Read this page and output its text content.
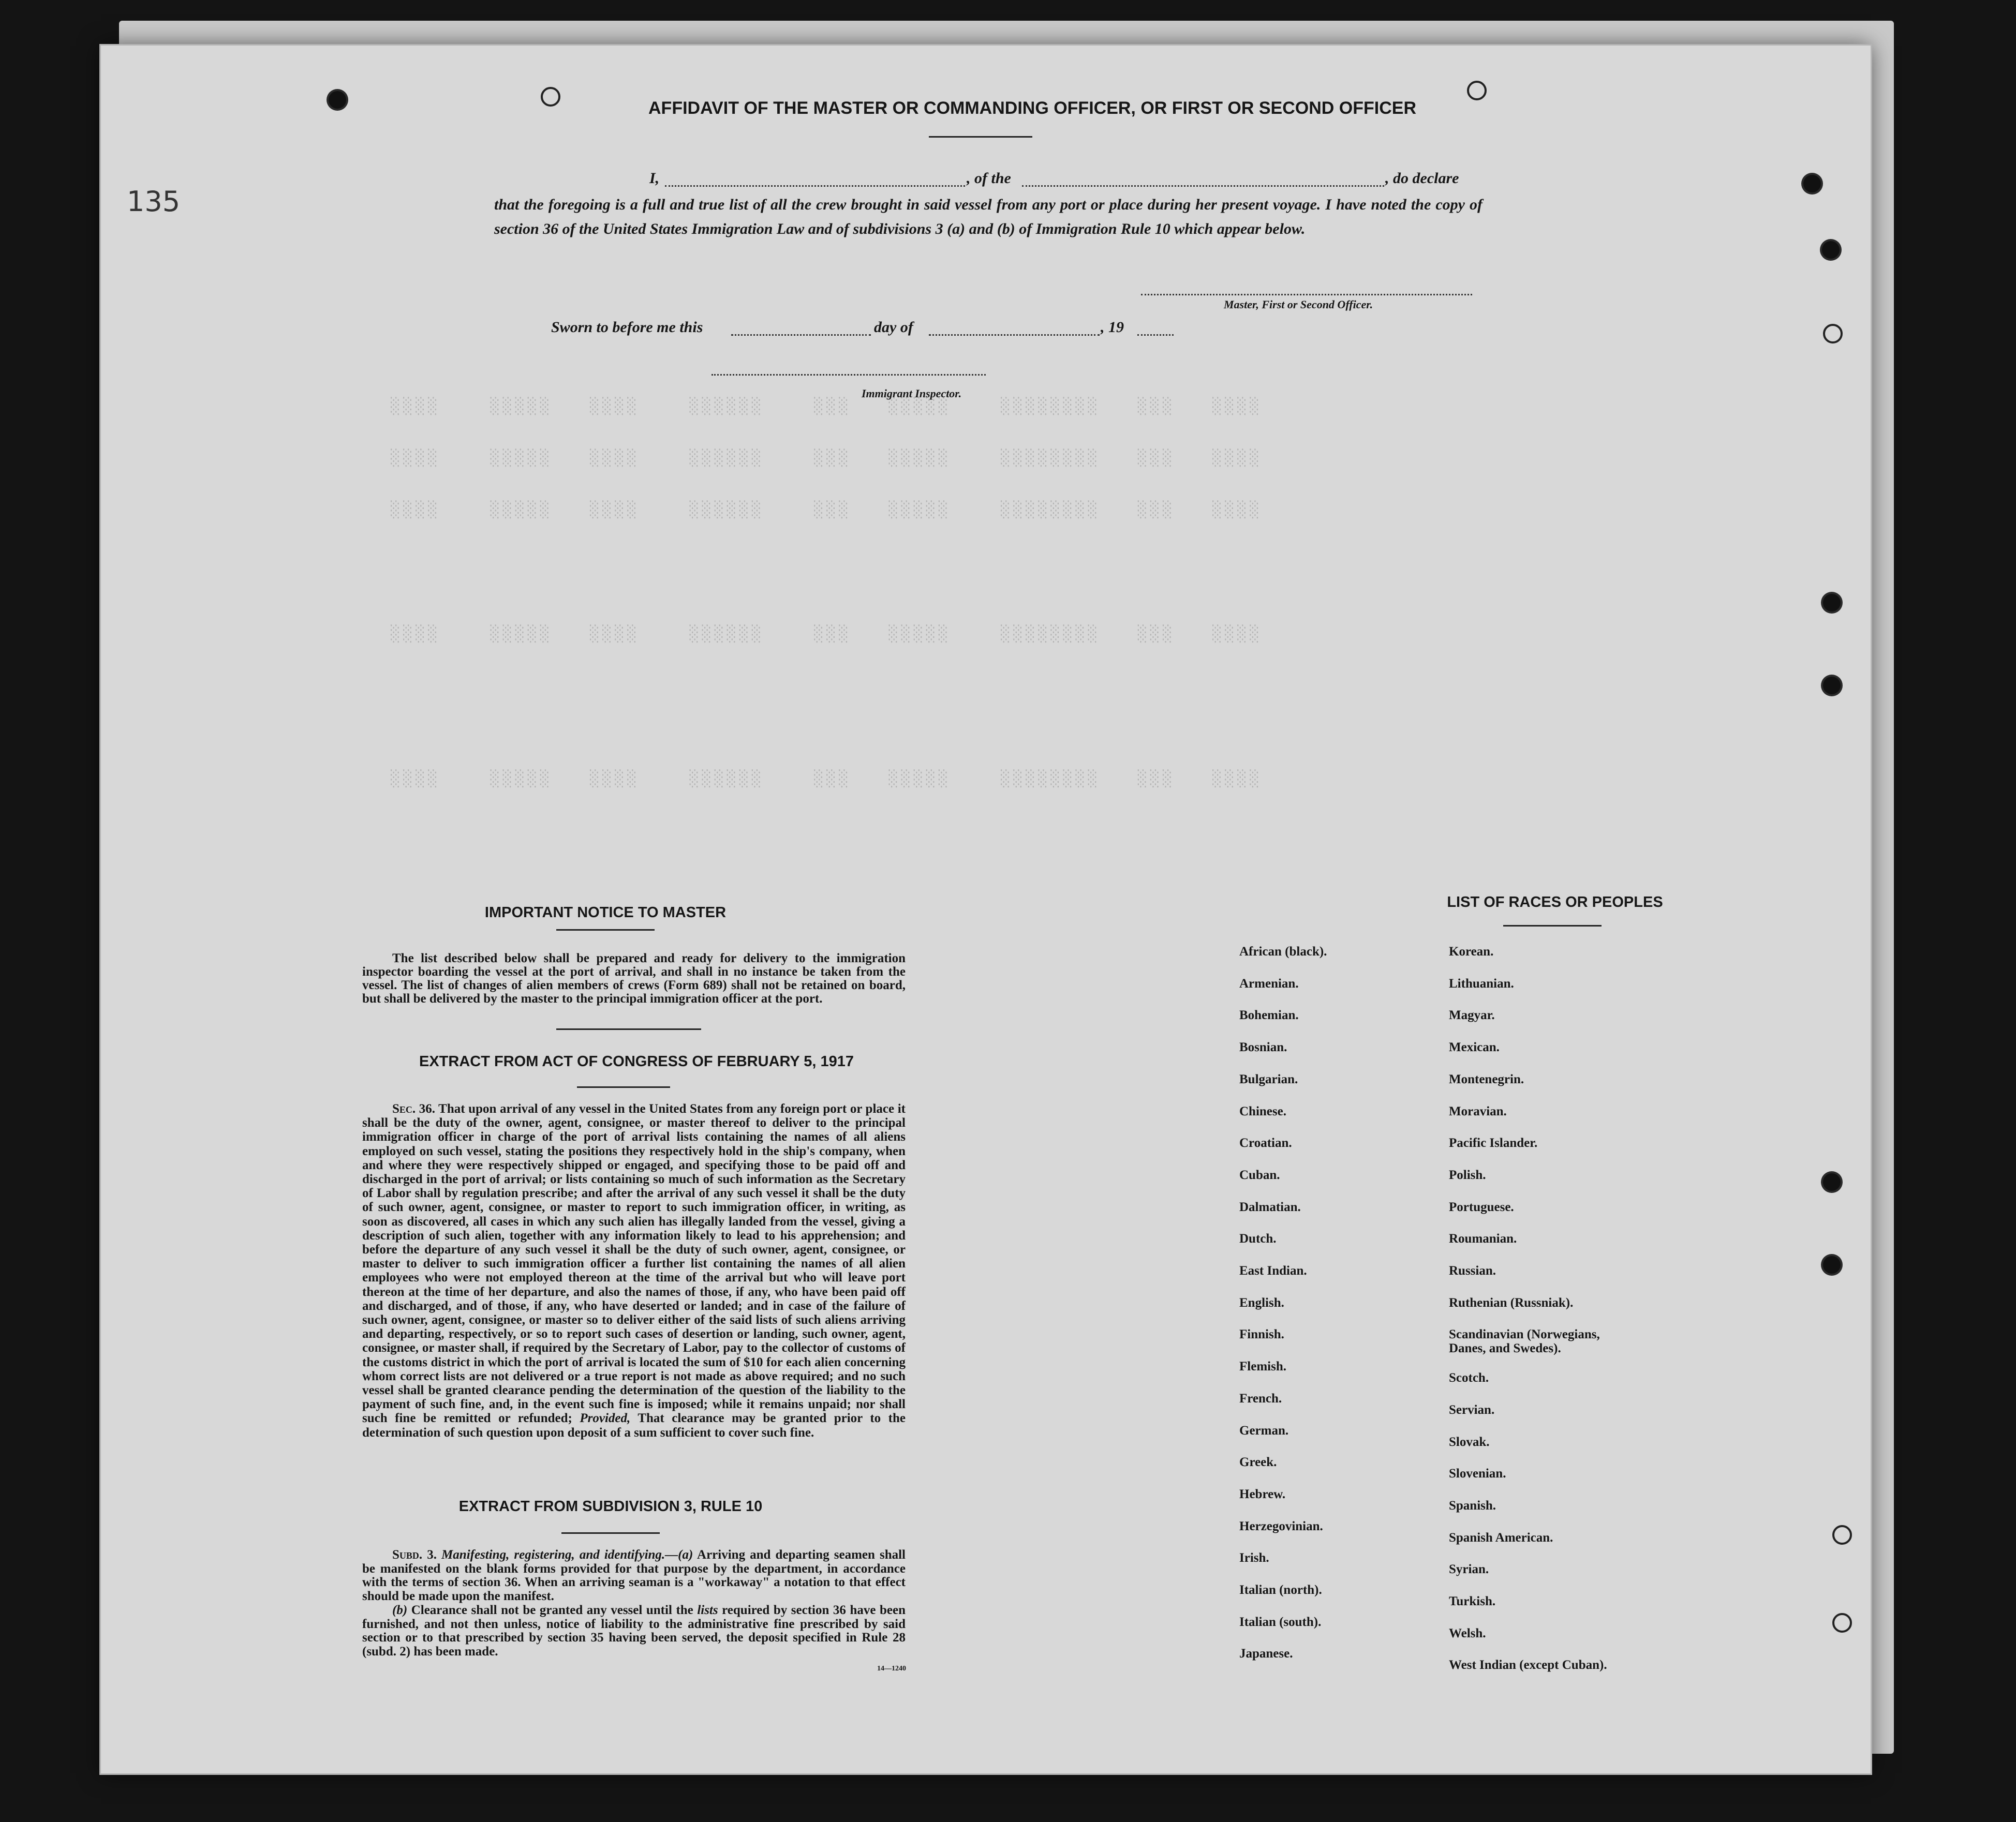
░░░░    ░░░░░   ░░░░    ░░░░░░    ░░░   ░░░░░    ░░░░░░░░   ░░░   ░░░░
░░░░    ░░░░░   ░░░░    ░░░░░░    ░░░   ░░░░░    ░░░░░░░░   ░░░   ░░░░
░░░░    ░░░░░   ░░░░    ░░░░░░    ░░░   ░░░░░    ░░░░░░░░   ░░░   ░░░░
░░░░    ░░░░░   ░░░░    ░░░░░░    ░░░   ░░░░░    ░░░░░░░░   ░░░   ░░░░
░░░░    ░░░░░   ░░░░    ░░░░░░    ░░░   ░░░░░    ░░░░░░░░   ░░░   ░░░░
135
AFFIDAVIT OF THE MASTER OR COMMANDING OFFICER, OR FIRST OR SECOND OFFICER
I,	, of the	, do declare
that the foregoing is a full and true list of all the crew brought in said vessel from any port or place during her present voyage. I have noted the copy of section 36 of the United States Immigration Law and of subdivisions 3 (a) and (b) of Immigration Rule 10 which appear below.
Master, First or Second Officer.
Sworn to before me this	day of	, 19
Immigrant Inspector.
IMPORTANT NOTICE TO MASTER
The list described below shall be prepared and ready for delivery to the immigration inspector boarding the vessel at the port of arrival, and shall in no instance be taken from the vessel. The list of changes of alien members of crews (Form 689) shall not be retained on board, but shall be delivered by the master to the principal immigration officer at the port.
EXTRACT FROM ACT OF CONGRESS OF FEBRUARY 5, 1917
Sec. 36. That upon arrival of any vessel in the United States from any foreign port or place it shall be the duty of the owner, agent, consignee, or master thereof to deliver to the principal immigration officer in charge of the port of arrival lists containing the names of all aliens employed on such vessel, stating the positions they respectively hold in the ship's company, when and where they were respectively shipped or engaged, and specifying those to be paid off and discharged in the port of arrival; or lists containing so much of such information as the Secretary of Labor shall by regulation prescribe; and after the arrival of any such vessel it shall be the duty of such owner, agent, consignee, or master to report to such immigration officer, in writing, as soon as discovered, all cases in which any such alien has illegally landed from the vessel, giving a description of such alien, together with any information likely to lead to his apprehension; and before the departure of any such vessel it shall be the duty of such owner, agent, consignee, or master to deliver to such immigration officer a further list containing the names of all alien employees who were not employed thereon at the time of the arrival but who will leave port thereon at the time of her departure, and also the names of those, if any, who have been paid off and discharged, and of those, if any, who have deserted or landed; and in case of the failure of such owner, agent, consignee, or master so to deliver either of the said lists of such aliens arriving and departing, respectively, or so to report such cases of desertion or landing, such owner, agent, consignee, or master shall, if required by the Secretary of Labor, pay to the collector of customs of the customs district in which the port of arrival is located the sum of $10 for each alien concerning whom correct lists are not delivered or a true report is not made as above required; and no such vessel shall be granted clearance pending the determination of the question of the liability to the payment of such fine, and, in the event such fine is imposed; while it remains unpaid; nor shall such fine be remitted or refunded; Provided, That clearance may be granted prior to the determination of such question upon deposit of a sum sufficient to cover such fine.
EXTRACT FROM SUBDIVISION 3, RULE 10
Subd. 3. Manifesting, registering, and identifying.—(a) Arriving and departing seamen shall be manifested on the blank forms provided for that purpose by the department, in accordance with the terms of section 36. When an arriving seaman is a "workaway" a notation to that effect should be made upon the manifest.
(b) Clearance shall not be granted any vessel until the lists required by section 36 have been furnished, and not then unless, notice of liability to the administrative fine prescribed by said section or to that prescribed by section 35 having been served, the deposit specified in Rule 28 (subd. 2) has been made.
14—1240
LIST OF RACES OR PEOPLES
African (black).
Armenian.
Bohemian.
Bosnian.
Bulgarian.
Chinese.
Croatian.
Cuban.
Dalmatian.
Dutch.
East Indian.
English.
Finnish.
Flemish.
French.
German.
Greek.
Hebrew.
Herzegovinian.
Irish.
Italian (north).
Italian (south).
Japanese.
Korean.
Lithuanian.
Magyar.
Mexican.
Montenegrin.
Moravian.
Pacific Islander.
Polish.
Portuguese.
Roumanian.
Russian.
Ruthenian (Russniak).
Scandinavian (Norwegians, Danes, and Swedes).
Scotch.
Servian.
Slovak.
Slovenian.
Spanish.
Spanish American.
Syrian.
Turkish.
Welsh.
West Indian (except Cuban).
